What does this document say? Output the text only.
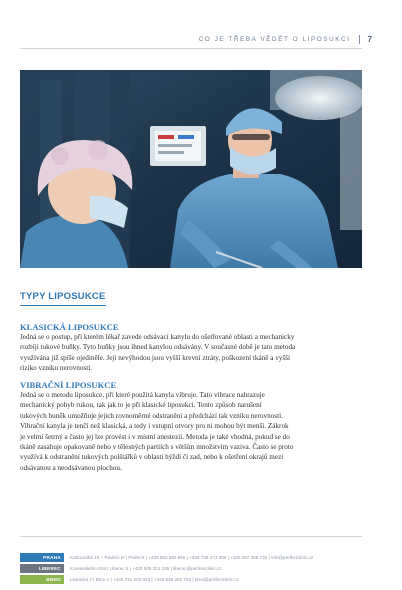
CO JE TŘEBA VĚDĚT O LIPOSUKCI 7
TYPY LIPOSUKCE
KLASICKÁ LIPOSUKCE
Jedná se o postup, při kterém lékař zavede odsávací kanylu do ošetřované oblasti a mechanicky
rozbíjí tukové buňky. Tyto buňky jsou ihned kanylou odsávány. V současné době je tato metoda
využívána již spíše ojediněle. Její nevýhodou jsou vyšší krevní ztráty, poškození tkáně a vyšší
riziko vzniku nerovností.
VIBRAČNÍ LIPOSUKCE
Jedná se o metodu liposukce, při které použitá kanyla vibruje. Tato vibrace nahrazuje
mechanický pohyb rukou, tak jak to je při klasické liposukci. Tento způsob narušení
tukových buněk umožňuje jejich rovnoměrné odstranění a předchází tak vzniku nerovností.
Vibrační kanyla je tenčí než klasická, a tedy i vstupní otvory pro ni mohou být menší. Zákrok
je velmi šetrný a často jej lze provést i v místní anestezii. Metoda je také vhodná, pokud se do
tkáně zasahuje opakovaně nebo v tělesných partiích s větším množstvím vaziva. Často se proto
využívá k odstranění tukových polštářků v oblasti hýždí či zad, nebo k ošetření okrajů mezi
odsávanou a neodsávanou plochou.
PRAHA	Kartouzská 10 – Pavilon III | Praha 5 | +420 603 560 856 | +420 739 473 306 | +420 257 325 732 | info@perfectclinic.cz
LIBEREC	Komenského 519 | Liberec 5 | +420 605 201 155 | liberec@perfectclinic.cz
BRNO	Lesnická 2 | Brno 1 | +420 731 203 023 | +420 549 252 763 | brno@perfectclinic.cz
